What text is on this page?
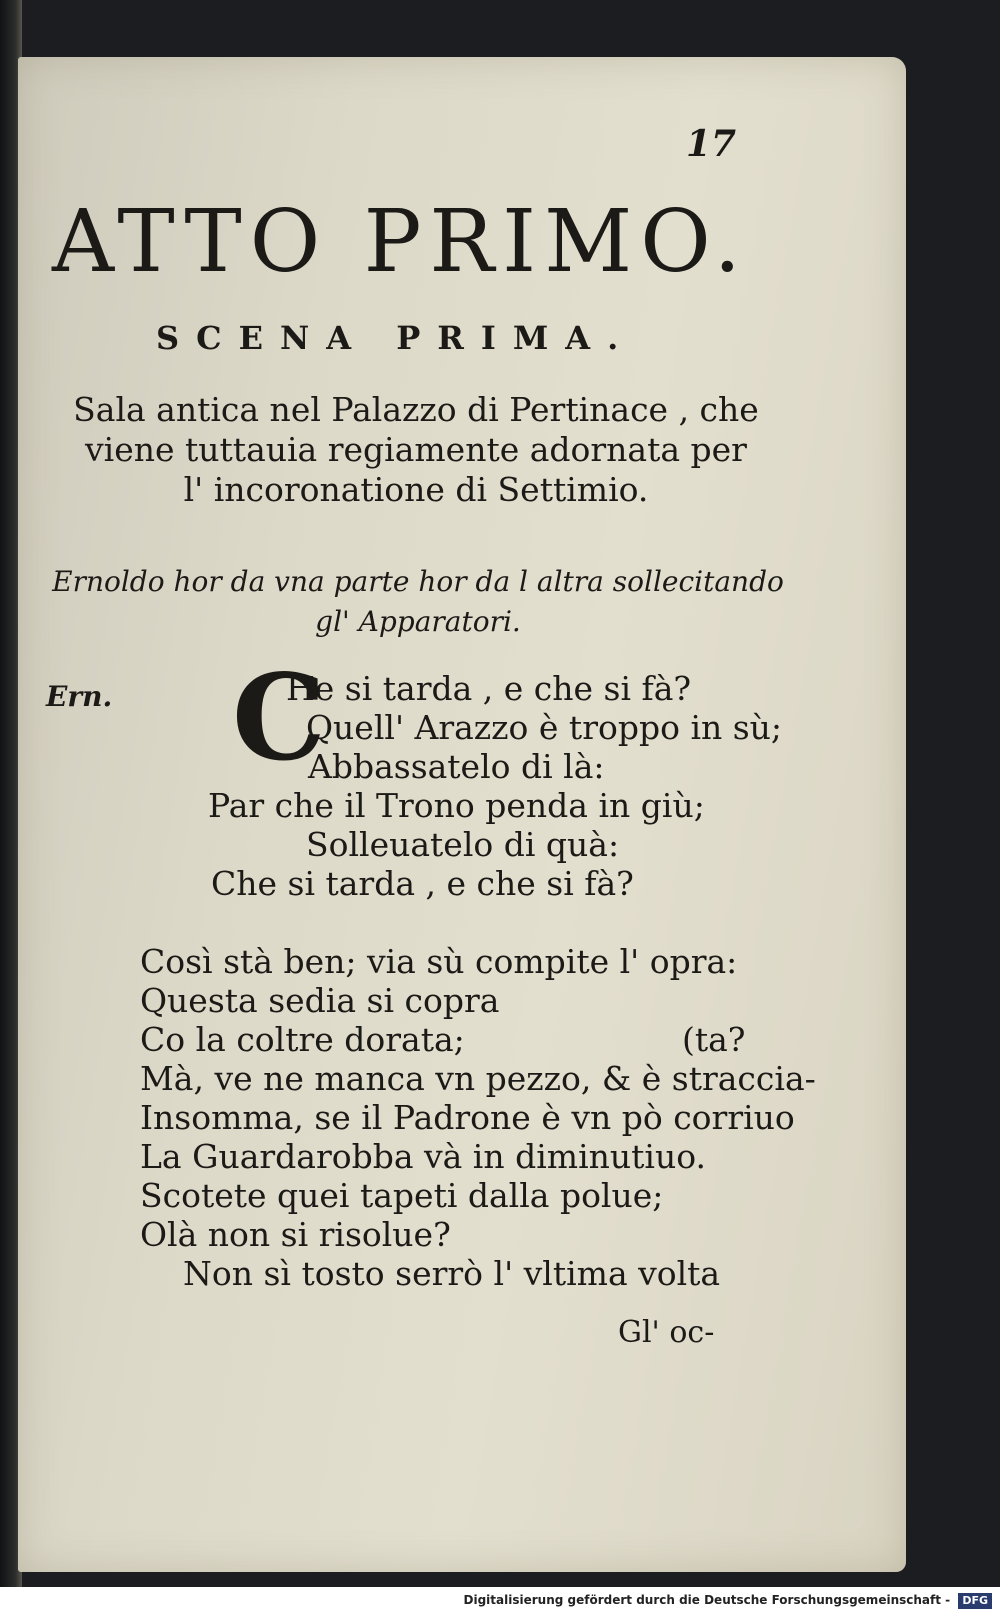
17

ATTO PRIMO.
SCENA PRIMA.

Sala antica nel Palazzo di Pertinace , che
viene tuttauia regiamente adornata per
l' incoronatione di Settimio.

Ernoldo hor da vna parte hor da l altra sollecitando
gl' Apparatori.

Ern. C
He si tarda , e che si fà?
Quell' Arazzo è troppo in sù;
Abbassatelo di là:
Par che il Trono penda in giù;
Solleuatelo di quà:
Che si tarda , e che si fà?
Così stà ben; via sù compite l' opra:
Questa sedia si copra
Co la coltre dorata;	(ta?
Mà, ve ne manca vn pezzo, & è straccia-
Insomma, se il Padrone è vn pò corriuo
La Guardarobba và in diminutiuo.
Scotete quei tapeti dalla polue;
Olà non si risolue?
Non sì tosto serrò l' vltima volta
Gl' oc-
Digitalisierung gefördert durch die Deutsche Forschungsgemeinschaft - DFG
